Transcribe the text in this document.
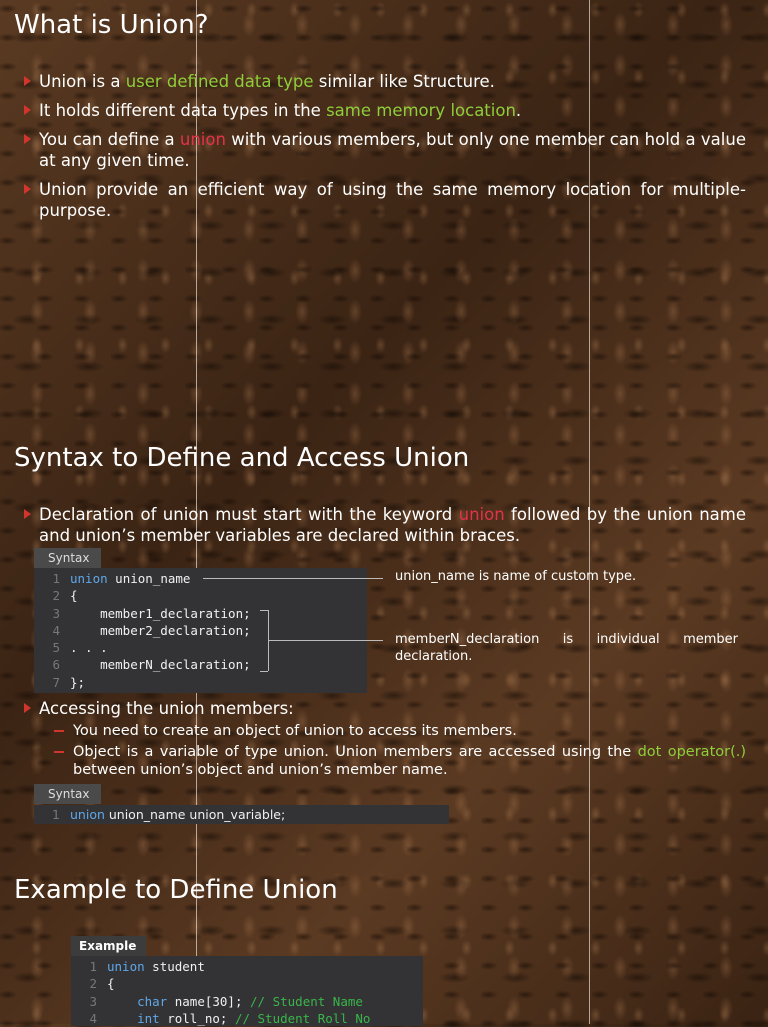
What is Union?
Union is a user defined data type similar like Structure.
It holds different data types in the same memory location.
You can define a union with various members, but only one member can hold a value at any given time.
Union provide an efficient way of using the same memory location for multiple-purpose.
Syntax to Define and Access Union
Declaration of union must start with the keyword union followed by the union name and union’s member variables are declared within braces.
Syntax
1 union union_name
2 {
3    member1_declaration;
4    member2_declaration;
5 . . .
6    memberN_declaration;
7 };
union_name is name of custom type.
memberN_declaration is individual member declaration.
Accessing the union members:
You need to create an object of union to access its members.
Object is a variable of type union. Union members are accessed using the dot operator(.) between union’s object and union’s member name.
Syntax
1 union union_name union_variable;
Example to Define Union
Example
1 union student
2 {
3	char name[30]; // Student Name
4	int roll_no; // Student Roll No
